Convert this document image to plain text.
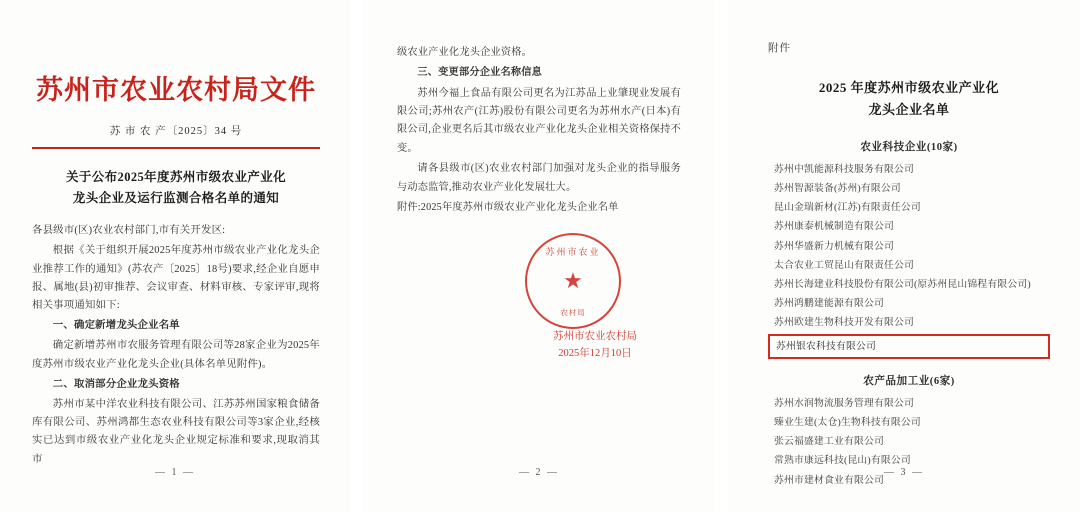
苏州市农业农村局文件
苏 市 农 产〔2025〕34 号
关于公布2025年度苏州市级农业产业化
龙头企业及运行监测合格名单的通知

各县级市(区)农业农村部门,市有关开发区:

根据《关于组织开展2025年度苏州市级农业产业化龙头企业推荐工作的通知》(苏农产〔2025〕18号)要求,经企业自愿申报、属地(县)初审推荐、会议审查、材料审核、专家评审,现将相关事项通知如下:

一、确定新增龙头企业名单

确定新增苏州市农服务管理有限公司等28家企业为2025年度苏州市级农业产业化龙头企业(具体名单见附件)。

二、取消部分企业龙头资格

苏州市某中洋农业科技有限公司、江苏苏州国家粮食储备库有限公司、苏州鸿都生态农业科技有限公司等3家企业,经核实已达到市级农业产业化龙头企业规定标准和要求,现取消其市

— 1 —

级农业产业化龙头企业资格。

三、变更部分企业名称信息

苏州今福上食品有限公司更名为江苏品上业肇现业发展有限公司;苏州农产(江苏)股份有限公司更名为苏州水产(日本)有限公司,企业更名后其市级农业产业化龙头企业相关资格保持不变。

请各县级市(区)农业农村部门加强对龙头企业的指导服务与动态监管,推动农业产业化发展壮大。

附件:2025年度苏州市级农业产业化龙头企业名单

苏州市农业
★
农村局
苏州市农业农村局
2025年12月10日
— 2 —
附件
2025 年度苏州市级农业产业化
龙头企业名单
农业科技企业(10家)
苏州中凯能源科技服务有限公司
苏州智源装备(苏州)有限公司
昆山金瑞新材(江苏)有限责任公司
苏州康泰机械制造有限公司
苏州华盛新力机械有限公司
太合农业工贸昆山有限责任公司
苏州长海建业科技股份有限公司(原苏州昆山锦程有限公司)
苏州鸿鹏建能源有限公司
苏州欧建生物科技开发有限公司
苏州银农科技有限公司
农产品加工业(6家)
苏州水润物流服务管理有限公司
臻业生建(太仓)生物科技有限公司
张云福盛建工业有限公司
常熟市康远科技(昆山)有限公司
苏州市建材食业有限公司
— 3 —
